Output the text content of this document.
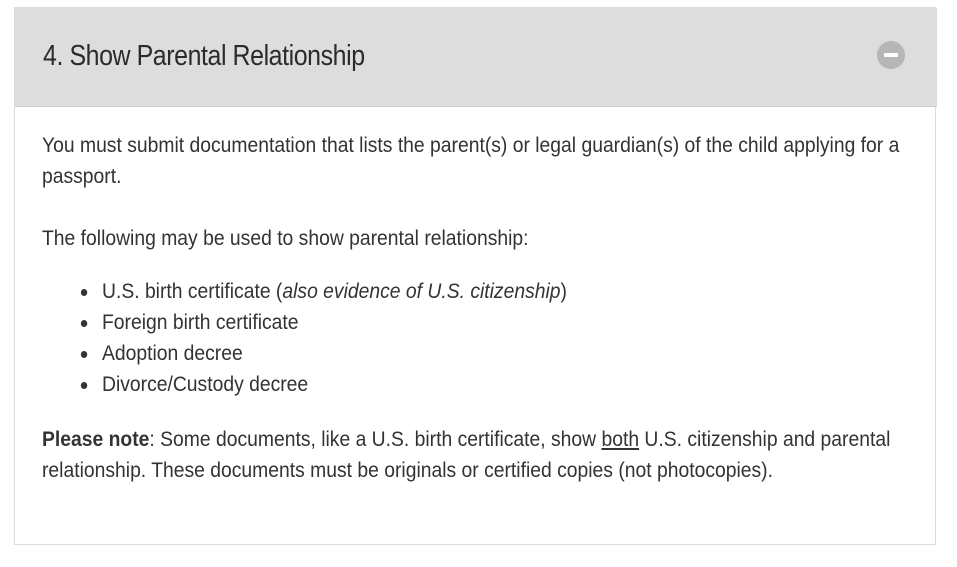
4. Show Parental Relationship

You must submit documentation that lists the parent(s) or legal guardian(s) of the child applying for a passport.

The following may be used to show parental relationship:

U.S. birth certificate (also evidence of U.S. citizenship)
Foreign birth certificate
Adoption decree
Divorce/Custody decree

Please note: Some documents, like a U.S. birth certificate, show both U.S. citizenship and parental relationship. These documents must be originals or certified copies (not photocopies).
